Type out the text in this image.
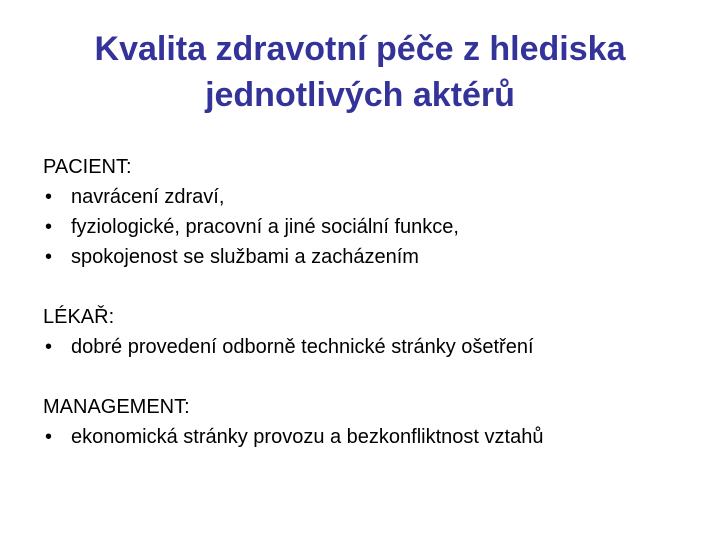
Kvalita zdravotní péče z hlediska
jednotlivých aktérů
PACIENT:
• navrácení zdraví,
• fyziologické, pracovní a jiné sociální funkce,
• spokojenost se službami a zacházením
LÉKAŘ:
• dobré provedení odborně technické stránky ošetření
MANAGEMENT:
• ekonomická stránky provozu a bezkonfliktnost vztahů
